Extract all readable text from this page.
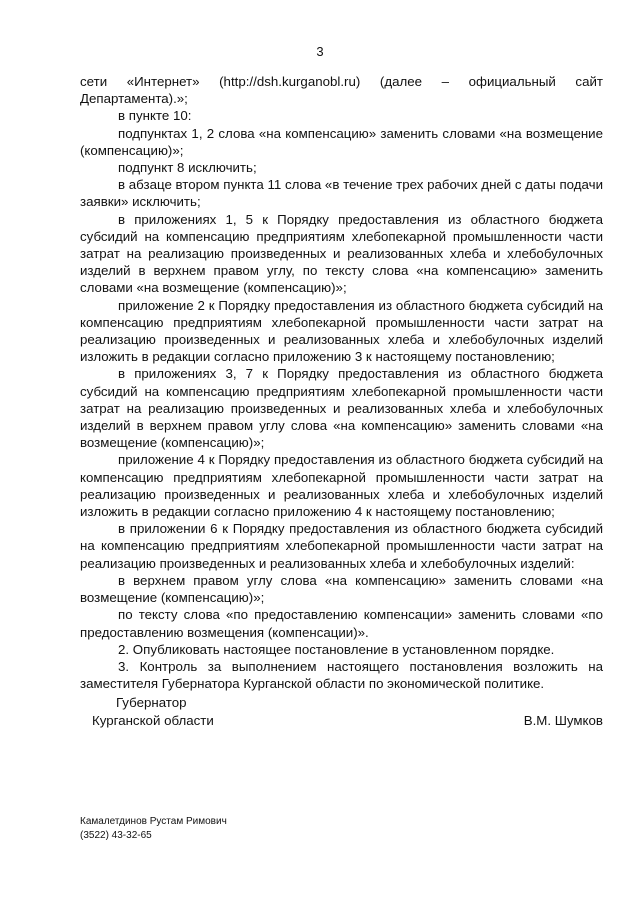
3

сети «Интернет» (http://dsh.kurganobl.ru) (далее – официальный сайт Департамента).»;

в пункте 10:

подпунктах 1, 2 слова «на компенсацию» заменить словами «на возмещение (компенсацию)»;

подпункт 8 исключить;

в абзаце втором пункта 11 слова «в течение трех рабочих дней с даты подачи заявки» исключить;

в приложениях 1, 5 к Порядку предоставления из областного бюджета субсидий на компенсацию предприятиям хлебопекарной промышленности части затрат на реализацию произведенных и реализованных хлеба и хлебобулочных изделий в верхнем правом углу, по тексту слова «на компенсацию» заменить словами «на возмещение (компенсацию)»;

приложение 2 к Порядку предоставления из областного бюджета субсидий на компенсацию предприятиям хлебопекарной промышленности части затрат на реализацию произведенных и реализованных хлеба и хлебобулочных изделий изложить в редакции согласно приложению 3 к настоящему постановлению;

в приложениях 3, 7 к Порядку предоставления из областного бюджета субсидий на компенсацию предприятиям хлебопекарной промышленности части затрат на реализацию произведенных и реализованных хлеба и хлебобулочных изделий в верхнем правом углу слова «на компенсацию» заменить словами «на возмещение (компенсацию)»;

приложение 4 к Порядку предоставления из областного бюджета субсидий на компенсацию предприятиям хлебопекарной промышленности части затрат на реализацию произведенных и реализованных хлеба и хлебобулочных изделий изложить в редакции согласно приложению 4 к настоящему постановлению;

в приложении 6 к Порядку предоставления из областного бюджета субсидий на компенсацию предприятиям хлебопекарной промышленности части затрат на реализацию произведенных и реализованных хлеба и хлебобулочных изделий:

в верхнем правом углу слова «на компенсацию» заменить словами «на возмещение (компенсацию)»;

по тексту слова «по предоставлению компенсации» заменить словами «по предоставлению возмещения (компенсации)».

2. Опубликовать настоящее постановление в установленном порядке.

3. Контроль за выполнением настоящего постановления возложить на заместителя Губернатора Курганской области по экономической политике.

Губернатор
Курганской области	В.М. Шумков
Камалетдинов Рустам Римович
(3522) 43-32-65
